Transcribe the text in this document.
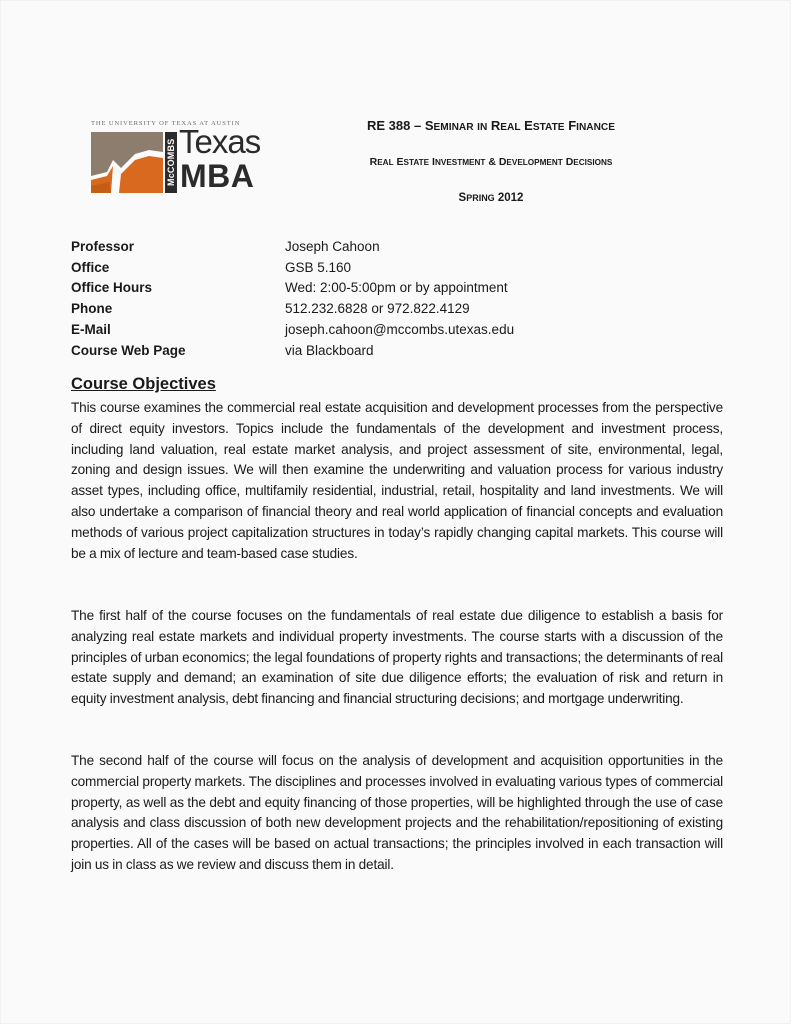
THE UNIVERSITY OF TEXAS AT AUSTIN
McCOMBS Texas
MBA
RE 388 – SEMINAR IN REAL ESTATE FINANCE
REAL ESTATE INVESTMENT & DEVELOPMENT DECISIONS
SPRING 2012
Professor	Joseph Cahoon
Office	GSB 5.160
Office Hours	Wed: 2:00-5:00pm or by appointment
Phone	512.232.6828 or 972.822.4129
E-Mail	joseph.cahoon@mccombs.utexas.edu
Course Web Page	via Blackboard
Course Objectives

This course examines the commercial real estate acquisition and development processes from the perspective of direct equity investors. Topics include the fundamentals of the development and investment process, including land valuation, real estate market analysis, and project assessment of site, environmental, legal, zoning and design issues. We will then examine the underwriting and valuation process for various industry asset types, including office, multifamily residential, industrial, retail, hospitality and land investments. We will also undertake a comparison of financial theory and real world application of financial concepts and evaluation methods of various project capitalization structures in today’s rapidly changing capital markets. This course will be a mix of lecture and team-based case studies.

The first half of the course focuses on the fundamentals of real estate due diligence to establish a basis for analyzing real estate markets and individual property investments. The course starts with a discussion of the principles of urban economics; the legal foundations of property rights and transactions; the determinants of real estate supply and demand; an examination of site due diligence efforts; the evaluation of risk and return in equity investment analysis, debt financing and financial structuring decisions; and mortgage underwriting.

The second half of the course will focus on the analysis of development and acquisition opportunities in the commercial property markets. The disciplines and processes involved in evaluating various types of commercial property, as well as the debt and equity financing of those properties, will be highlighted through the use of case analysis and class discussion of both new development projects and the rehabilitation/repositioning of existing properties. All of the cases will be based on actual transactions; the principles involved in each transaction will join us in class as we review and discuss them in detail.
